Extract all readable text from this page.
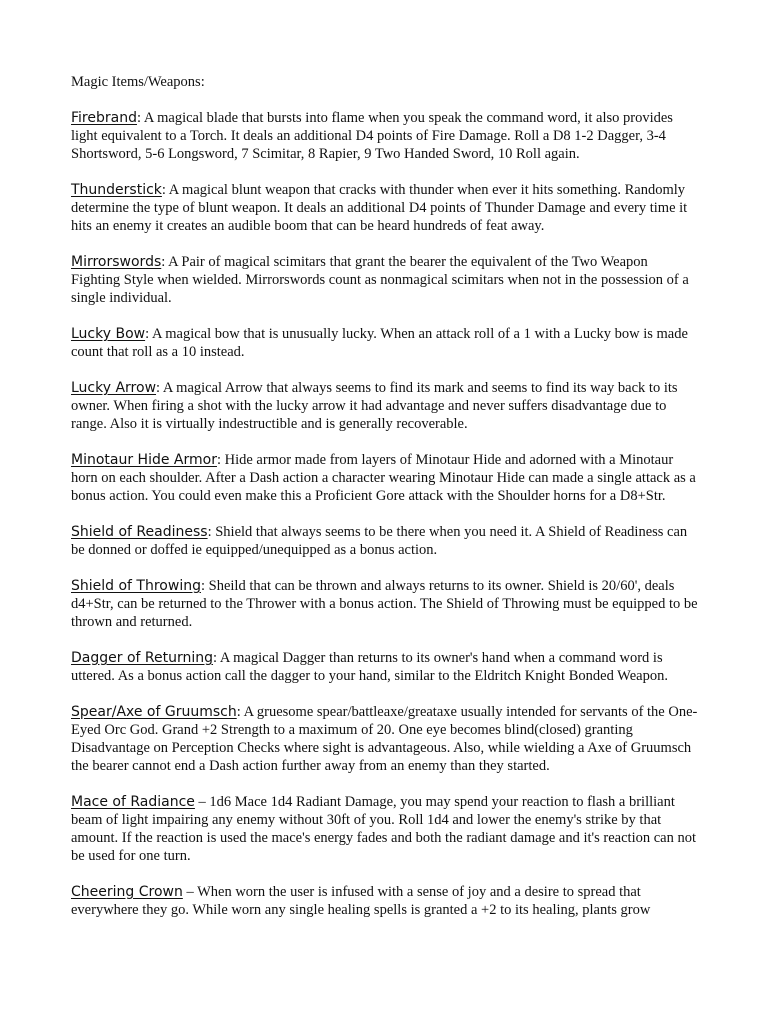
Magic Items/Weapons:

Firebrand: A magical blade that bursts into flame when you speak the command word, it also provides light equivalent to a Torch. It deals an additional D4 points of Fire Damage. Roll a D8 1-2 Dagger, 3-4 Shortsword, 5-6 Longsword, 7 Scimitar, 8 Rapier, 9 Two Handed Sword, 10 Roll again.

Thunderstick: A magical blunt weapon that cracks with thunder when ever it hits something. Randomly determine the type of blunt weapon. It deals an additional D4 points of Thunder Damage and every time it hits an enemy it creates an audible boom that can be heard hundreds of feat away.

Mirrorswords: A Pair of magical scimitars that grant the bearer the equivalent of the Two Weapon Fighting Style when wielded. Mirrorswords count as nonmagical scimitars when not in the possession of a single individual.

Lucky Bow: A magical bow that is unusually lucky. When an attack roll of a 1 with a Lucky bow is made count that roll as a 10 instead.

Lucky Arrow: A magical Arrow that always seems to find its mark and seems to find its way back to its owner. When firing a shot with the lucky arrow it had advantage and never suffers disadvantage due to range. Also it is virtually indestructible and is generally recoverable.

Minotaur Hide Armor: Hide armor made from layers of Minotaur Hide and adorned with a Minotaur horn on each shoulder. After a Dash action a character wearing Minotaur Hide can made a single attack as a bonus action. You could even make this a Proficient Gore attack with the Shoulder horns for a D8+Str.

Shield of Readiness: Shield that always seems to be there when you need it. A Shield of Readiness can be donned or doffed ie equipped/unequipped as a bonus action.

Shield of Throwing: Sheild that can be thrown and always returns to its owner. Shield is 20/60', deals d4+Str, can be returned to the Thrower with a bonus action. The Shield of Throwing must be equipped to be thrown and returned.

Dagger of Returning: A magical Dagger than returns to its owner's hand when a command word is uttered. As a bonus action call the dagger to your hand, similar to the Eldritch Knight Bonded Weapon.

Spear/Axe of Gruumsch: A gruesome spear/battleaxe/greataxe usually intended for servants of the One-Eyed Orc God. Grand +2 Strength to a maximum of 20. One eye becomes blind(closed) granting Disadvantage on Perception Checks where sight is advantageous. Also, while wielding a Axe of Gruumsch the bearer cannot end a Dash action further away from an enemy than they started.

Mace of Radiance – 1d6 Mace 1d4 Radiant Damage, you may spend your reaction to flash a brilliant beam of light impairing any enemy without 30ft of you. Roll 1d4 and lower the enemy's strike by that amount. If the reaction is used the mace's energy fades and both the radiant damage and it's reaction can not be used for one turn.

Cheering Crown – When worn the user is infused with a sense of joy and a desire to spread that everywhere they go. While worn any single healing spells is granted a +2 to its healing, plants grow
